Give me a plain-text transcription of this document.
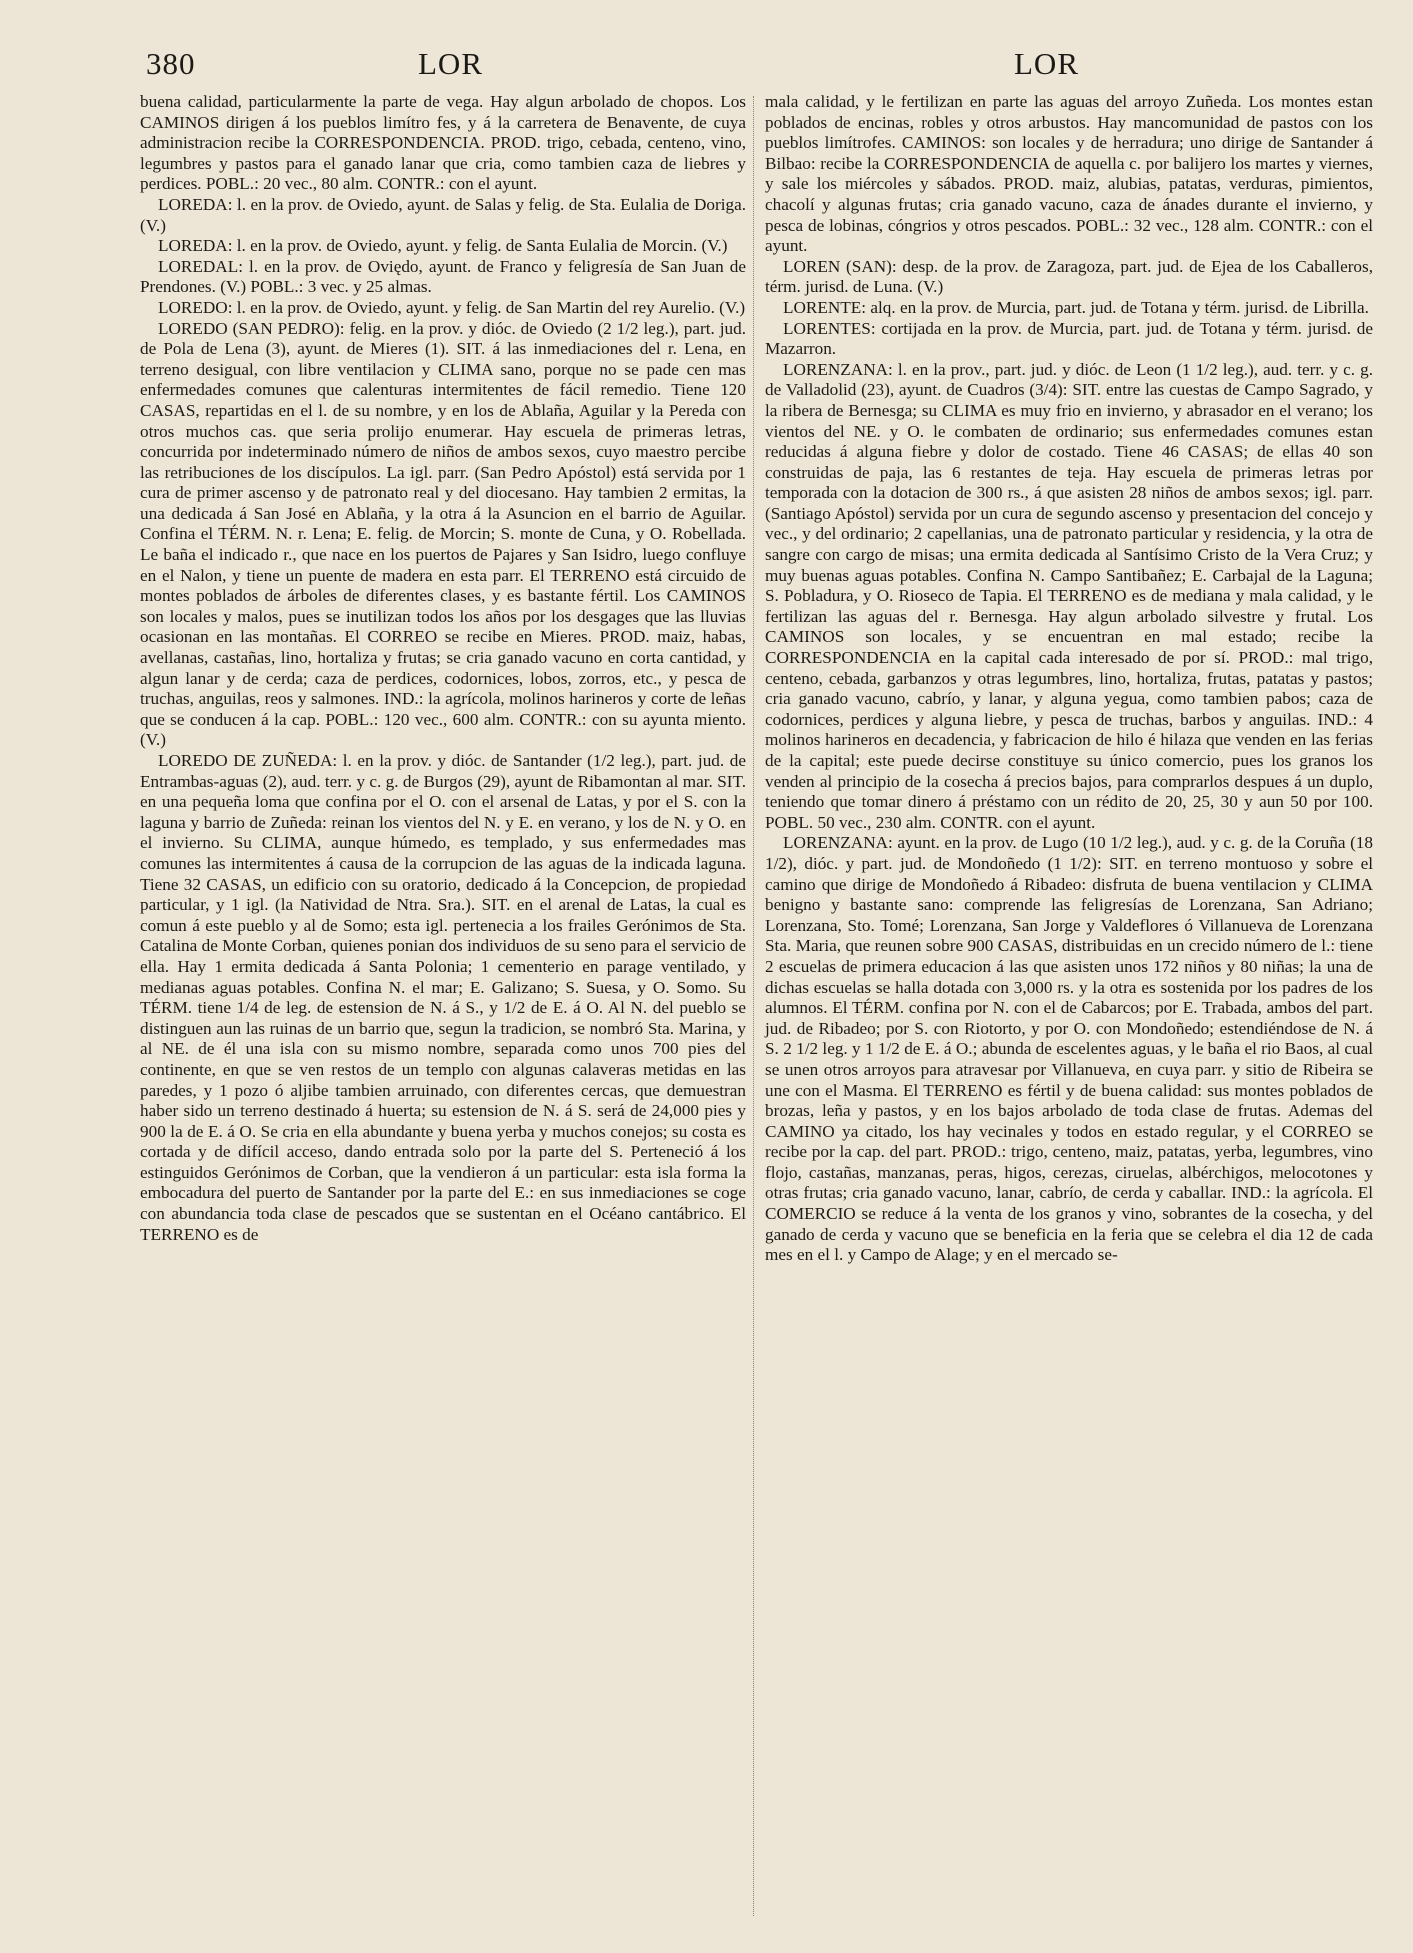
380	LOR	LOR

buena calidad, particularmente la parte de vega. Hay algun arbolado de chopos. Los CAMINOS dirigen á los pueblos limítro fes, y á la carretera de Benavente, de cuya administracion recibe la CORRESPONDENCIA. PROD. trigo, cebada, centeno, vino, legumbres y pastos para el ganado lanar que cria, como tambien caza de liebres y perdices. POBL.: 20 vec., 80 alm. CONTR.: con el ayunt.

LOREDA: l. en la prov. de Oviedo, ayunt. de Salas y felig. de Sta. Eulalia de Doriga. (V.)

LOREDA: l. en la prov. de Oviedo, ayunt. y felig. de Santa Eulalia de Morcin. (V.)

LOREDAL: l. en la prov. de Oviędo, ayunt. de Franco y feligresía de San Juan de Prendones. (V.) POBL.: 3 vec. y 25 almas.

LOREDO: l. en la prov. de Oviedo, ayunt. y felig. de San Martin del rey Aurelio. (V.)

LOREDO (SAN PEDRO): felig. en la prov. y dióc. de Oviedo (2 1/2 leg.), part. jud. de Pola de Lena (3), ayunt. de Mieres (1). SIT. á las inmediaciones del r. Lena, en terreno desigual, con libre ventilacion y CLIMA sano, porque no se pade cen mas enfermedades comunes que calenturas intermitentes de fácil remedio. Tiene 120 CASAS, repartidas en el l. de su nombre, y en los de Ablaña, Aguilar y la Pereda con otros muchos cas. que seria prolijo enumerar. Hay escuela de primeras letras, concurrida por indeterminado número de niños de ambos sexos, cuyo maestro percibe las retribuciones de los discípulos. La igl. parr. (San Pedro Apóstol) está servida por 1 cura de primer ascenso y de patronato real y del diocesano. Hay tambien 2 ermitas, la una dedicada á San José en Ablaña, y la otra á la Asuncion en el barrio de Aguilar. Confina el TÉRM. N. r. Lena; E. felig. de Morcin; S. monte de Cuna, y O. Robellada. Le baña el indicado r., que nace en los puertos de Pajares y San Isidro, luego confluye en el Nalon, y tiene un puente de madera en esta parr. El TERRENO está circuido de montes poblados de árboles de diferentes clases, y es bastante fértil. Los CAMINOS son locales y malos, pues se inutilizan todos los años por los desgages que las lluvias ocasionan en las montañas. El CORREO se recibe en Mieres. PROD. maiz, habas, avellanas, castañas, lino, hortaliza y frutas; se cria ganado vacuno en corta cantidad, y algun lanar y de cerda; caza de perdices, codornices, lobos, zorros, etc., y pesca de truchas, anguilas, reos y salmones. IND.: la agrícola, molinos harineros y corte de leñas que se conducen á la cap. POBL.: 120 vec., 600 alm. CONTR.: con su ayunta miento. (V.)

LOREDO DE ZUÑEDA: l. en la prov. y dióc. de Santander (1/2 leg.), part. jud. de Entrambas-aguas (2), aud. terr. y c. g. de Burgos (29), ayunt de Ribamontan al mar. SIT. en una pequeña loma que confina por el O. con el arsenal de Latas, y por el S. con la laguna y barrio de Zuñeda: reinan los vientos del N. y E. en verano, y los de N. y O. en el invierno. Su CLIMA, aunque húmedo, es templado, y sus enfermedades mas comunes las intermitentes á causa de la corrupcion de las aguas de la indicada laguna. Tiene 32 CASAS, un edificio con su oratorio, dedicado á la Concepcion, de propiedad particular, y 1 igl. (la Natividad de Ntra. Sra.). SIT. en el arenal de Latas, la cual es comun á este pueblo y al de Somo; esta igl. pertenecia a los frailes Gerónimos de Sta. Catalina de Monte Corban, quienes ponian dos individuos de su seno para el servicio de ella. Hay 1 ermita dedicada á Santa Polonia; 1 cementerio en parage ventilado, y medianas aguas potables. Confina N. el mar; E. Galizano; S. Suesa, y O. Somo. Su TÉRM. tiene 1/4 de leg. de estension de N. á S., y 1/2 de E. á O. Al N. del pueblo se distinguen aun las ruinas de un barrio que, segun la tradicion, se nombró Sta. Marina, y al NE. de él una isla con su mismo nombre, separada como unos 700 pies del continente, en que se ven restos de un templo con algunas calaveras metidas en las paredes, y 1 pozo ó aljibe tambien arruinado, con diferentes cercas, que demuestran haber sido un terreno destinado á huerta; su estension de N. á S. será de 24,000 pies y 900 la de E. á O. Se cria en ella abundante y buena yerba y muchos conejos; su costa es cortada y de difícil acceso, dando entrada solo por la parte del S. Perteneció á los estinguidos Gerónimos de Corban, que la vendieron á un particular: esta isla forma la embocadura del puerto de Santander por la parte del E.: en sus inmediaciones se coge con abundancia toda clase de pescados que se sustentan en el Océano cantábrico. El TERRENO es de

mala calidad, y le fertilizan en parte las aguas del arroyo Zuñeda. Los montes estan poblados de encinas, robles y otros arbustos. Hay mancomunidad de pastos con los pueblos limítrofes. CAMINOS: son locales y de herradura; uno dirige de Santander á Bilbao: recibe la CORRESPONDENCIA de aquella c. por balijero los martes y viernes, y sale los miércoles y sábados. PROD. maiz, alubias, patatas, verduras, pimientos, chacolí y algunas frutas; cria ganado vacuno, caza de ánades durante el invierno, y pesca de lobinas, cóngrios y otros pescados. POBL.: 32 vec., 128 alm. CONTR.: con el ayunt.

LOREN (SAN): desp. de la prov. de Zaragoza, part. jud. de Ejea de los Caballeros, térm. jurisd. de Luna. (V.)

LORENTE: alq. en la prov. de Murcia, part. jud. de Totana y térm. jurisd. de Librilla.

LORENTES: cortijada en la prov. de Murcia, part. jud. de Totana y térm. jurisd. de Mazarron.

LORENZANA: l. en la prov., part. jud. y dióc. de Leon (1 1/2 leg.), aud. terr. y c. g. de Valladolid (23), ayunt. de Cuadros (3/4): SIT. entre las cuestas de Campo Sagrado, y la ribera de Bernesga; su CLIMA es muy frio en invierno, y abrasador en el verano; los vientos del NE. y O. le combaten de ordinario; sus enfermedades comunes estan reducidas á alguna fiebre y dolor de costado. Tiene 46 CASAS; de ellas 40 son construidas de paja, las 6 restantes de teja. Hay escuela de primeras letras por temporada con la dotacion de 300 rs., á que asisten 28 niños de ambos sexos; igl. parr. (Santiago Apóstol) servida por un cura de segundo ascenso y presentacion del concejo y vec., y del ordinario; 2 capellanias, una de patronato particular y residencia, y la otra de sangre con cargo de misas; una ermita dedicada al Santísimo Cristo de la Vera Cruz; y muy buenas aguas potables. Confina N. Campo Santibañez; E. Carbajal de la Laguna; S. Pobladura, y O. Rioseco de Tapia. El TERRENO es de mediana y mala calidad, y le fertilizan las aguas del r. Bernesga. Hay algun arbolado silvestre y frutal. Los CAMINOS son locales, y se encuentran en mal estado; recibe la CORRESPONDENCIA en la capital cada interesado de por sí. PROD.: mal trigo, centeno, cebada, garbanzos y otras legumbres, lino, hortaliza, frutas, patatas y pastos; cria ganado vacuno, cabrío, y lanar, y alguna yegua, como tambien pabos; caza de codornices, perdices y alguna liebre, y pesca de truchas, barbos y anguilas. IND.: 4 molinos harineros en decadencia, y fabricacion de hilo é hilaza que venden en las ferias de la capital; este puede decirse constituye su único comercio, pues los granos los venden al principio de la cosecha á precios bajos, para comprarlos despues á un duplo, teniendo que tomar dinero á préstamo con un rédito de 20, 25, 30 y aun 50 por 100. POBL. 50 vec., 230 alm. CONTR. con el ayunt.

LORENZANA: ayunt. en la prov. de Lugo (10 1/2 leg.), aud. y c. g. de la Coruña (18 1/2), dióc. y part. jud. de Mondoñedo (1 1/2): SIT. en terreno montuoso y sobre el camino que dirige de Mondoñedo á Ribadeo: disfruta de buena ventilacion y CLIMA benigno y bastante sano: comprende las feligresías de Lorenzana, San Adriano; Lorenzana, Sto. Tomé; Lorenzana, San Jorge y Valdeflores ó Villanueva de Lorenzana Sta. Maria, que reunen sobre 900 CASAS, distribuidas en un crecido número de l.: tiene 2 escuelas de primera educacion á las que asisten unos 172 niños y 80 niñas; la una de dichas escuelas se halla dotada con 3,000 rs. y la otra es sostenida por los padres de los alumnos. El TÉRM. confina por N. con el de Cabarcos; por E. Trabada, ambos del part. jud. de Ribadeo; por S. con Riotorto, y por O. con Mondoñedo; estendiéndose de N. á S. 2 1/2 leg. y 1 1/2 de E. á O.; abunda de escelentes aguas, y le baña el rio Baos, al cual se unen otros arroyos para atravesar por Villanueva, en cuya parr. y sitio de Ribeira se une con el Masma. El TERRENO es fértil y de buena calidad: sus montes poblados de brozas, leña y pastos, y en los bajos arbolado de toda clase de frutas. Ademas del CAMINO ya citado, los hay vecinales y todos en estado regular, y el CORREO se recibe por la cap. del part. PROD.: trigo, centeno, maiz, patatas, yerba, legumbres, vino flojo, castañas, manzanas, peras, higos, cerezas, ciruelas, albérchigos, melocotones y otras frutas; cria ganado vacuno, lanar, cabrío, de cerda y caballar. IND.: la agrícola. El COMERCIO se reduce á la venta de los granos y vino, sobrantes de la cosecha, y del ganado de cerda y vacuno que se beneficia en la feria que se celebra el dia 12 de cada mes en el l. y Campo de Alage; y en el mercado se-
